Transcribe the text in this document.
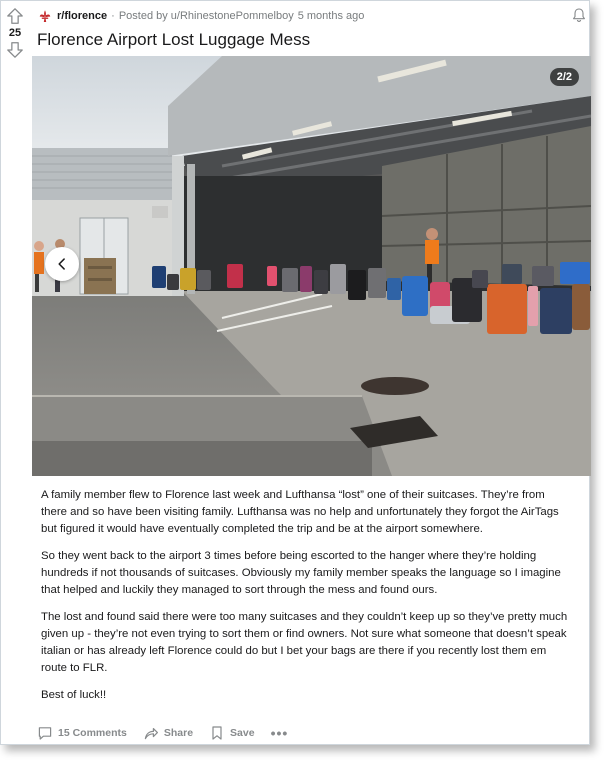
25
r/florence · Posted by u/RhinestonePommelboy 5 months ago
Florence Airport Lost Luggage Mess
2/2

A family member flew to Florence last week and Lufthansa “lost” one of their suitcases. They’re from there and so have been visiting family. Lufthansa was no help and unfortunately they forgot the AirTags but figured it would have eventually completed the trip and be at the airport somewhere.

So they went back to the airport 3 times before being escorted to the hanger where they’re holding hundreds if not thousands of suitcases. Obviously my family member speaks the language so I imagine that helped and luckily they managed to sort through the mess and found ours.

The lost and found said there were too many suitcases and they couldn’t keep up so they’ve pretty much given up - they’re not even trying to sort them or find owners. Not sure what someone that doesn’t speak italian or has already left Florence could do but I bet your bags are there if you recently lost them em route to FLR.

Best of luck!!

15 Comments	Share	Save •••
